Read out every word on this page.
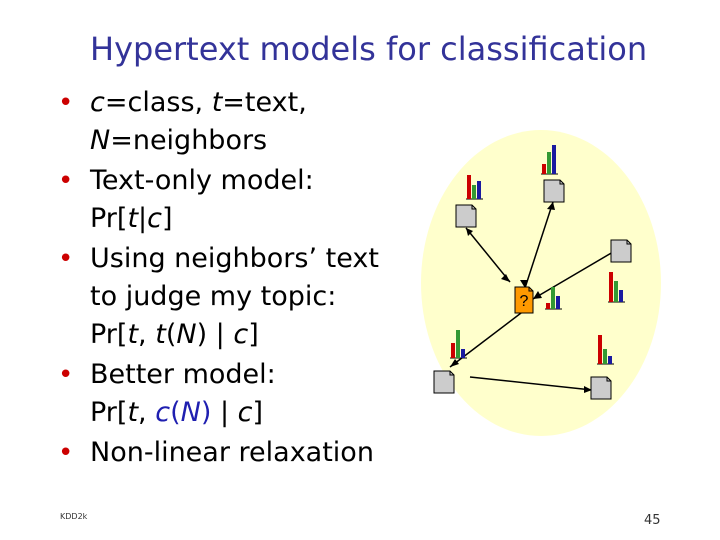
Hypertext models for classification
• c=class, t=text,
N=neighbors
• Text-only model:
Pr[t|c]
• Using neighbors’ text
to judge my topic:
Pr[t, t(N) | c]
• Better model:
Pr[t, c(N) | c]
• Non-linear relaxation
?
KDD2k	45
